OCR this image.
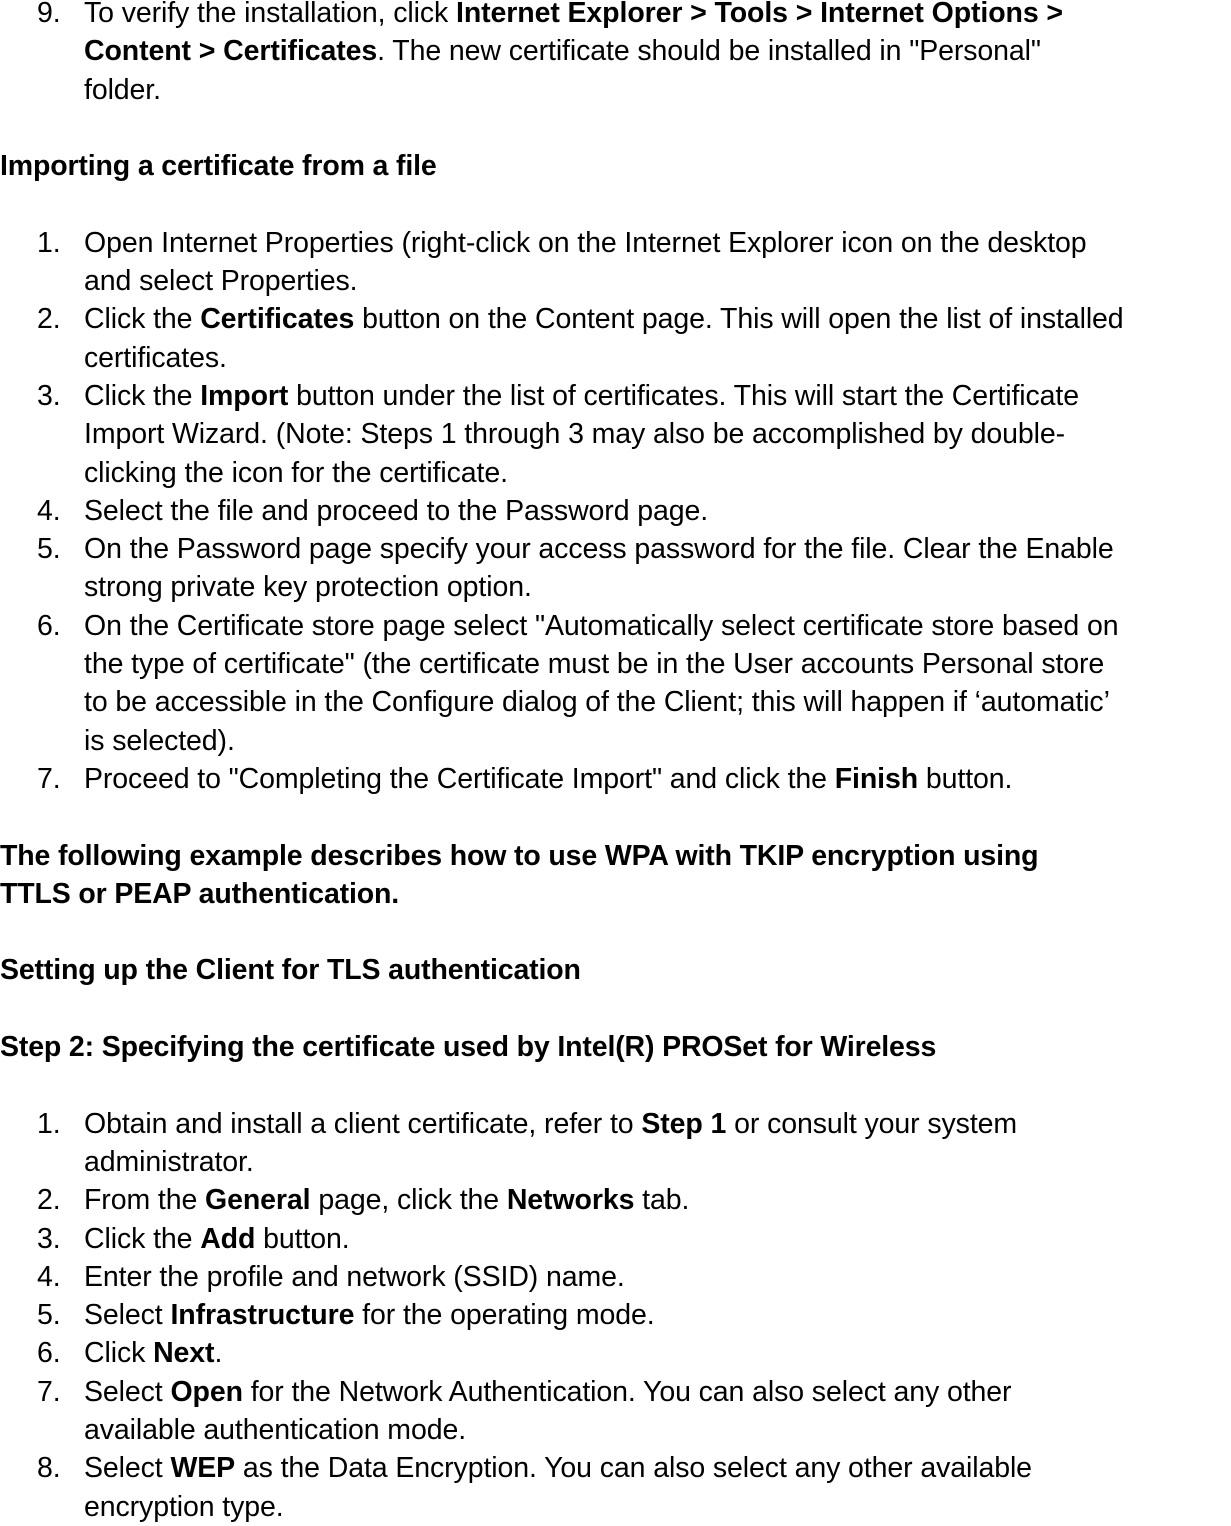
9. To verify the installation, click Internet Explorer > Tools > Internet Options >
Content > Certificates. The new certificate should be installed in "Personal"
folder.
Importing a certificate from a file
1. Open Internet Properties (right-click on the Internet Explorer icon on the desktop
and select Properties.
2. Click the Certificates button on the Content page. This will open the list of installed
certificates.
3. Click the Import button under the list of certificates. This will start the Certificate
Import Wizard. (Note: Steps 1 through 3 may also be accomplished by double-
clicking the icon for the certificate.
4. Select the file and proceed to the Password page.
5. On the Password page specify your access password for the file. Clear the Enable
strong private key protection option.
6. On the Certificate store page select "Automatically select certificate store based on
the type of certificate" (the certificate must be in the User accounts Personal store
to be accessible in the Configure dialog of the Client; this will happen if ‘automatic’
is selected).
7. Proceed to "Completing the Certificate Import" and click the Finish button.
The following example describes how to use WPA with TKIP encryption using
TTLS or PEAP authentication.
Setting up the Client for TLS authentication
Step 2: Specifying the certificate used by Intel(R) PROSet for Wireless
1. Obtain and install a client certificate, refer to Step 1 or consult your system
administrator.
2. From the General page, click the Networks tab.
3. Click the Add button.
4. Enter the profile and network (SSID) name.
5. Select Infrastructure for the operating mode.
6. Click Next.
7. Select Open for the Network Authentication. You can also select any other
available authentication mode.
8. Select WEP as the Data Encryption. You can also select any other available
encryption type.
